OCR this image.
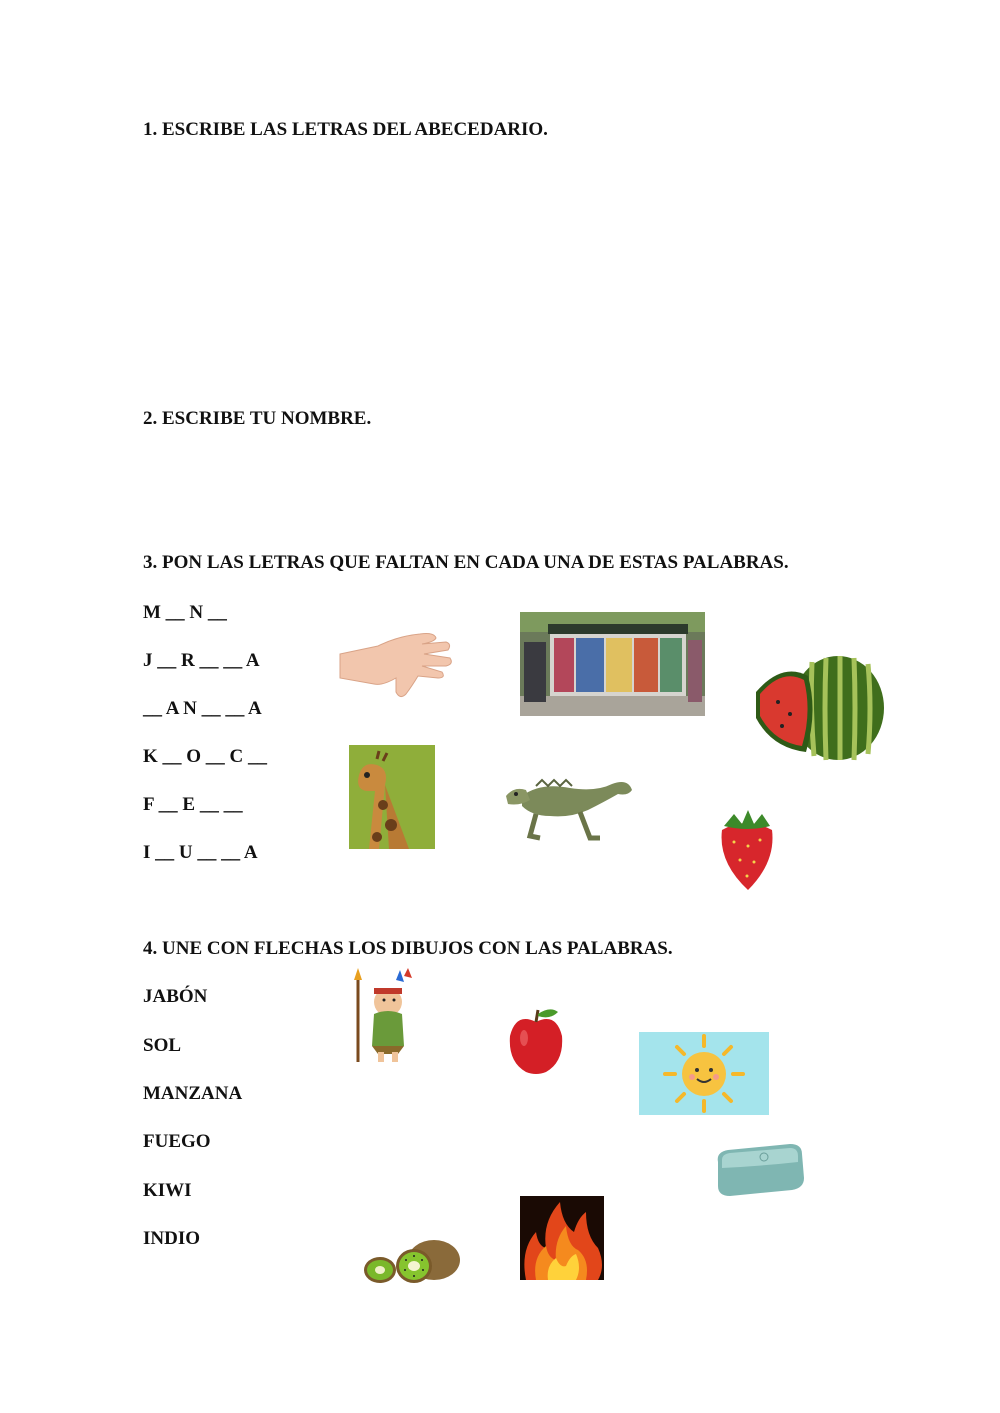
1. ESCRIBE LAS LETRAS DEL ABECEDARIO.
2. ESCRIBE TU NOMBRE.
3. PON LAS LETRAS QUE FALTAN EN CADA UNA DE ESTAS PALABRAS.
M __ N __
J __ R __ __ A
__ A N __ __ A
K __ O __ C __
F __ E __ __
I __ U __ __ A
4. UNE CON FLECHAS LOS DIBUJOS CON LAS PALABRAS.
JABÓN
SOL
MANZANA
FUEGO
KIWI
INDIO
